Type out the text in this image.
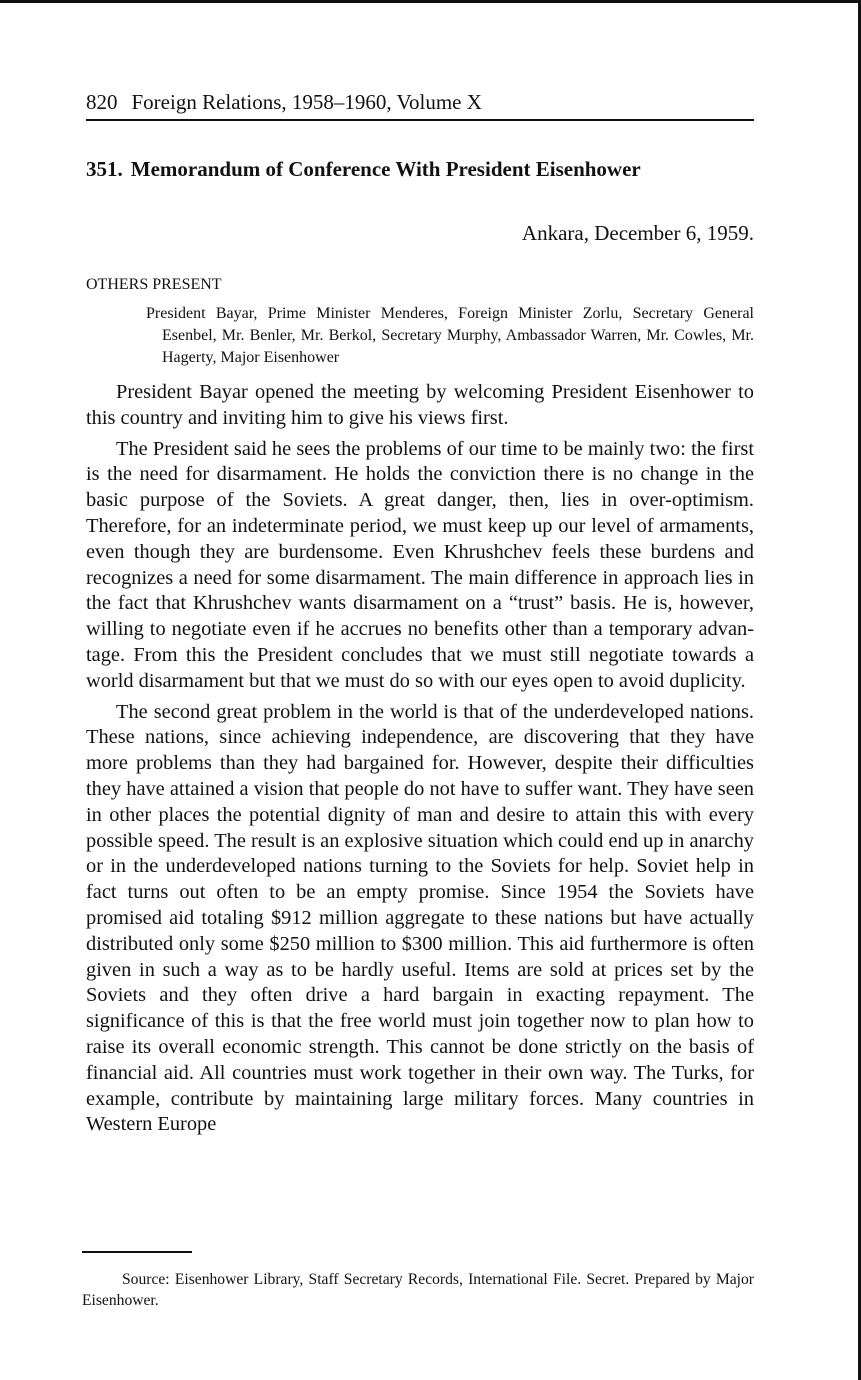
820 Foreign Relations, 1958–1960, Volume X
351. Memorandum of Conference With President Eisenhower
Ankara, December 6, 1959.
OTHERS PRESENT
President Bayar, Prime Minister Menderes, Foreign Minister Zorlu, Secretary General Esenbel, Mr. Benler, Mr. Berkol, Secretary Murphy, Ambassador Warren, Mr. Cowles, Mr. Hagerty, Major Eisenhower

President Bayar opened the meeting by welcoming President Eisenhower to this country and inviting him to give his views first.

The President said he sees the problems of our time to be mainly two: the first is the need for disarmament. He holds the conviction there is no change in the basic purpose of the Soviets. A great danger, then, lies in over-optimism. Therefore, for an indeterminate period, we must keep up our level of armaments, even though they are burdensome. Even Khrushchev feels these burdens and recognizes a need for some disarmament. The main difference in approach lies in the fact that Khrushchev wants disarmament on a “trust” basis. He is, however, willing to negotiate even if he accrues no benefits other than a temporary advantage. From this the President concludes that we must still negotiate towards a world disarmament but that we must do so with our eyes open to avoid duplicity.

The second great problem in the world is that of the underdeveloped nations. These nations, since achieving independence, are discovering that they have more problems than they had bargained for. However, despite their difficulties they have attained a vision that people do not have to suffer want. They have seen in other places the potential dignity of man and desire to attain this with every possible speed. The result is an explosive situation which could end up in anarchy or in the underdeveloped nations turning to the Soviets for help. Soviet help in fact turns out often to be an empty promise. Since 1954 the Soviets have promised aid totaling $912 million aggregate to these nations but have actually distributed only some $250 million to $300 million. This aid furthermore is often given in such a way as to be hardly useful. Items are sold at prices set by the Soviets and they often drive a hard bargain in exacting repayment. The significance of this is that the free world must join together now to plan how to raise its overall economic strength. This cannot be done strictly on the basis of financial aid. All countries must work together in their own way. The Turks, for example, contribute by maintaining large military forces. Many countries in Western Europe

Source: Eisenhower Library, Staff Secretary Records, International File. Secret. Prepared by Major Eisenhower.
